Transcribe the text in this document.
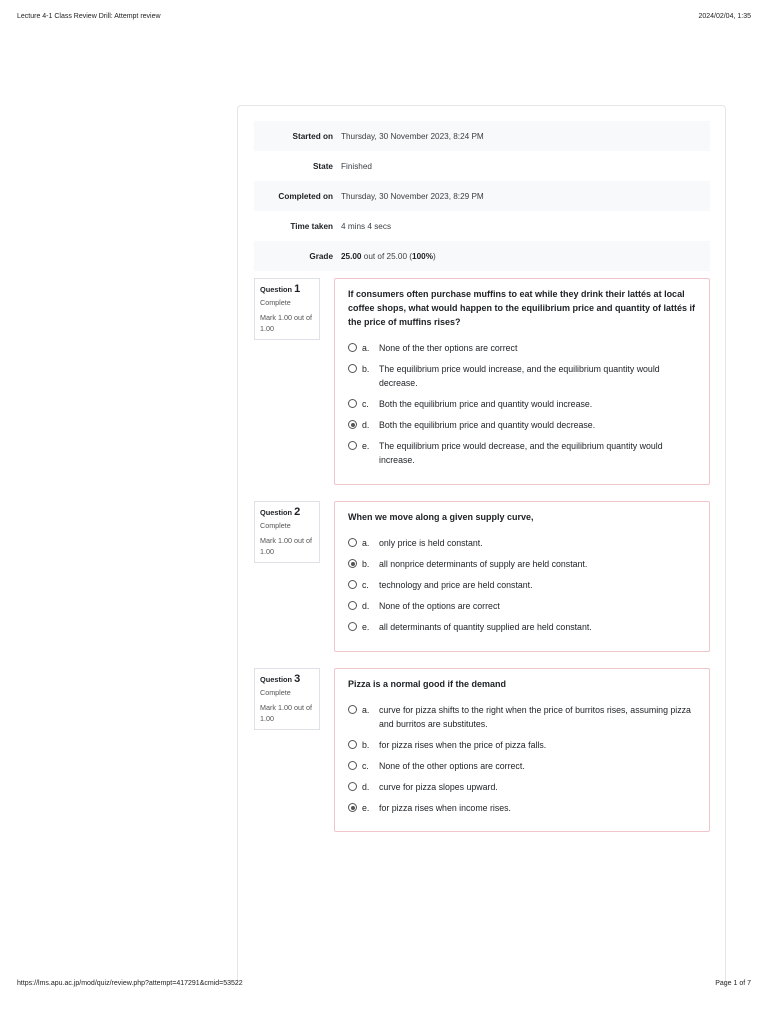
Lecture 4-1 Class Review Drill: Attempt review	2024/02/04, 1:35
Started on	Thursday, 30 November 2023, 8:24 PM
State	Finished
Completed on	Thursday, 30 November 2023, 8:29 PM
Time taken	4 mins 4 secs
Grade	25.00 out of 25.00 (100%)
Question 1
Complete
Mark 1.00 out of 1.00
If consumers often purchase muffins to eat while they drink their lattés at local coffee shops, what would happen to the equilibrium price and quantity of lattés if the price of muffins rises?
a.	None of the ther options are correct
b.	The equilibrium price would increase, and the equilibrium quantity would decrease.
c.	Both the equilibrium price and quantity would increase.
d.	Both the equilibrium price and quantity would decrease.
e.	The equilibrium price would decrease, and the equilibrium quantity would increase.
Question 2
Complete
Mark 1.00 out of 1.00
When we move along a given supply curve,
a.	only price is held constant.
b.	all nonprice determinants of supply are held constant.
c.	technology and price are held constant.
d.	None of the options are correct
e.	all determinants of quantity supplied are held constant.
Question 3
Complete
Mark 1.00 out of 1.00
Pizza is a normal good if the demand
a.	curve for pizza shifts to the right when the price of burritos rises, assuming pizza and burritos are substitutes.
b.	for pizza rises when the price of pizza falls.
c.	None of the other options are correct.
d.	curve for pizza slopes upward.
e.	for pizza rises when income rises.
https://lms.apu.ac.jp/mod/quiz/review.php?attempt=417291&cmid=53522	Page 1 of 7
